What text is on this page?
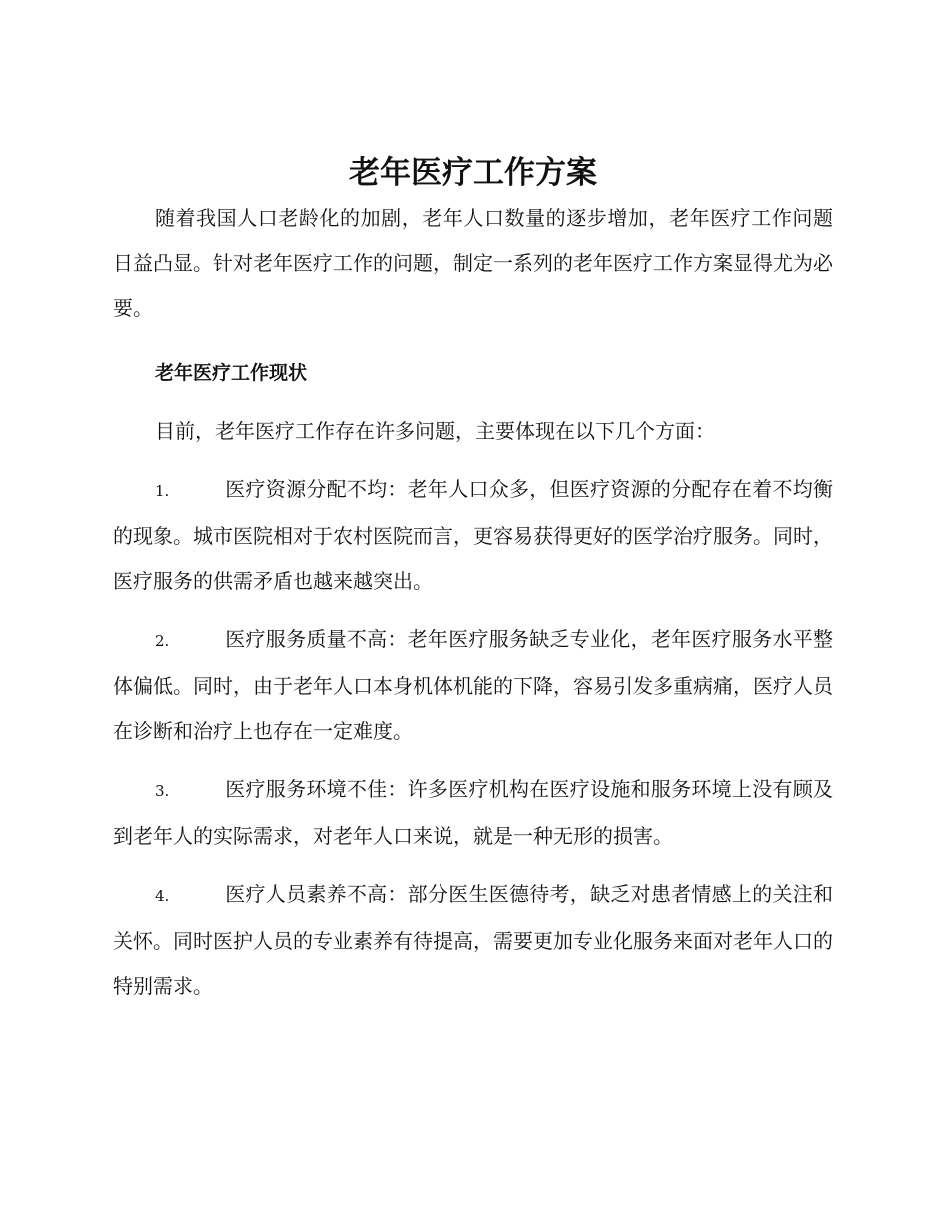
老年医疗工作方案

随着我国人口老龄化的加剧，老年人口数量的逐步增加，老年医疗工作问题日益凸显。针对老年医疗工作的问题，制定一系列的老年医疗工作方案显得尤为必要。

老年医疗工作现状

目前，老年医疗工作存在许多问题，主要体现在以下几个方面：

1.	医疗资源分配不均：老年人口众多，但医疗资源的分配存在着不均衡的现象。城市医院相对于农村医院而言，更容易获得更好的医学治疗服务。同时，医疗服务的供需矛盾也越来越突出。

2.	医疗服务质量不高：老年医疗服务缺乏专业化，老年医疗服务水平整体偏低。同时，由于老年人口本身机体机能的下降，容易引发多重病痛，医疗人员在诊断和治疗上也存在一定难度。

3.	医疗服务环境不佳：许多医疗机构在医疗设施和服务环境上没有顾及到老年人的实际需求，对老年人口来说，就是一种无形的损害。

4.	医疗人员素养不高：部分医生医德待考，缺乏对患者情感上的关注和关怀。同时医护人员的专业素养有待提高，需要更加专业化服务来面对老年人口的特别需求。
